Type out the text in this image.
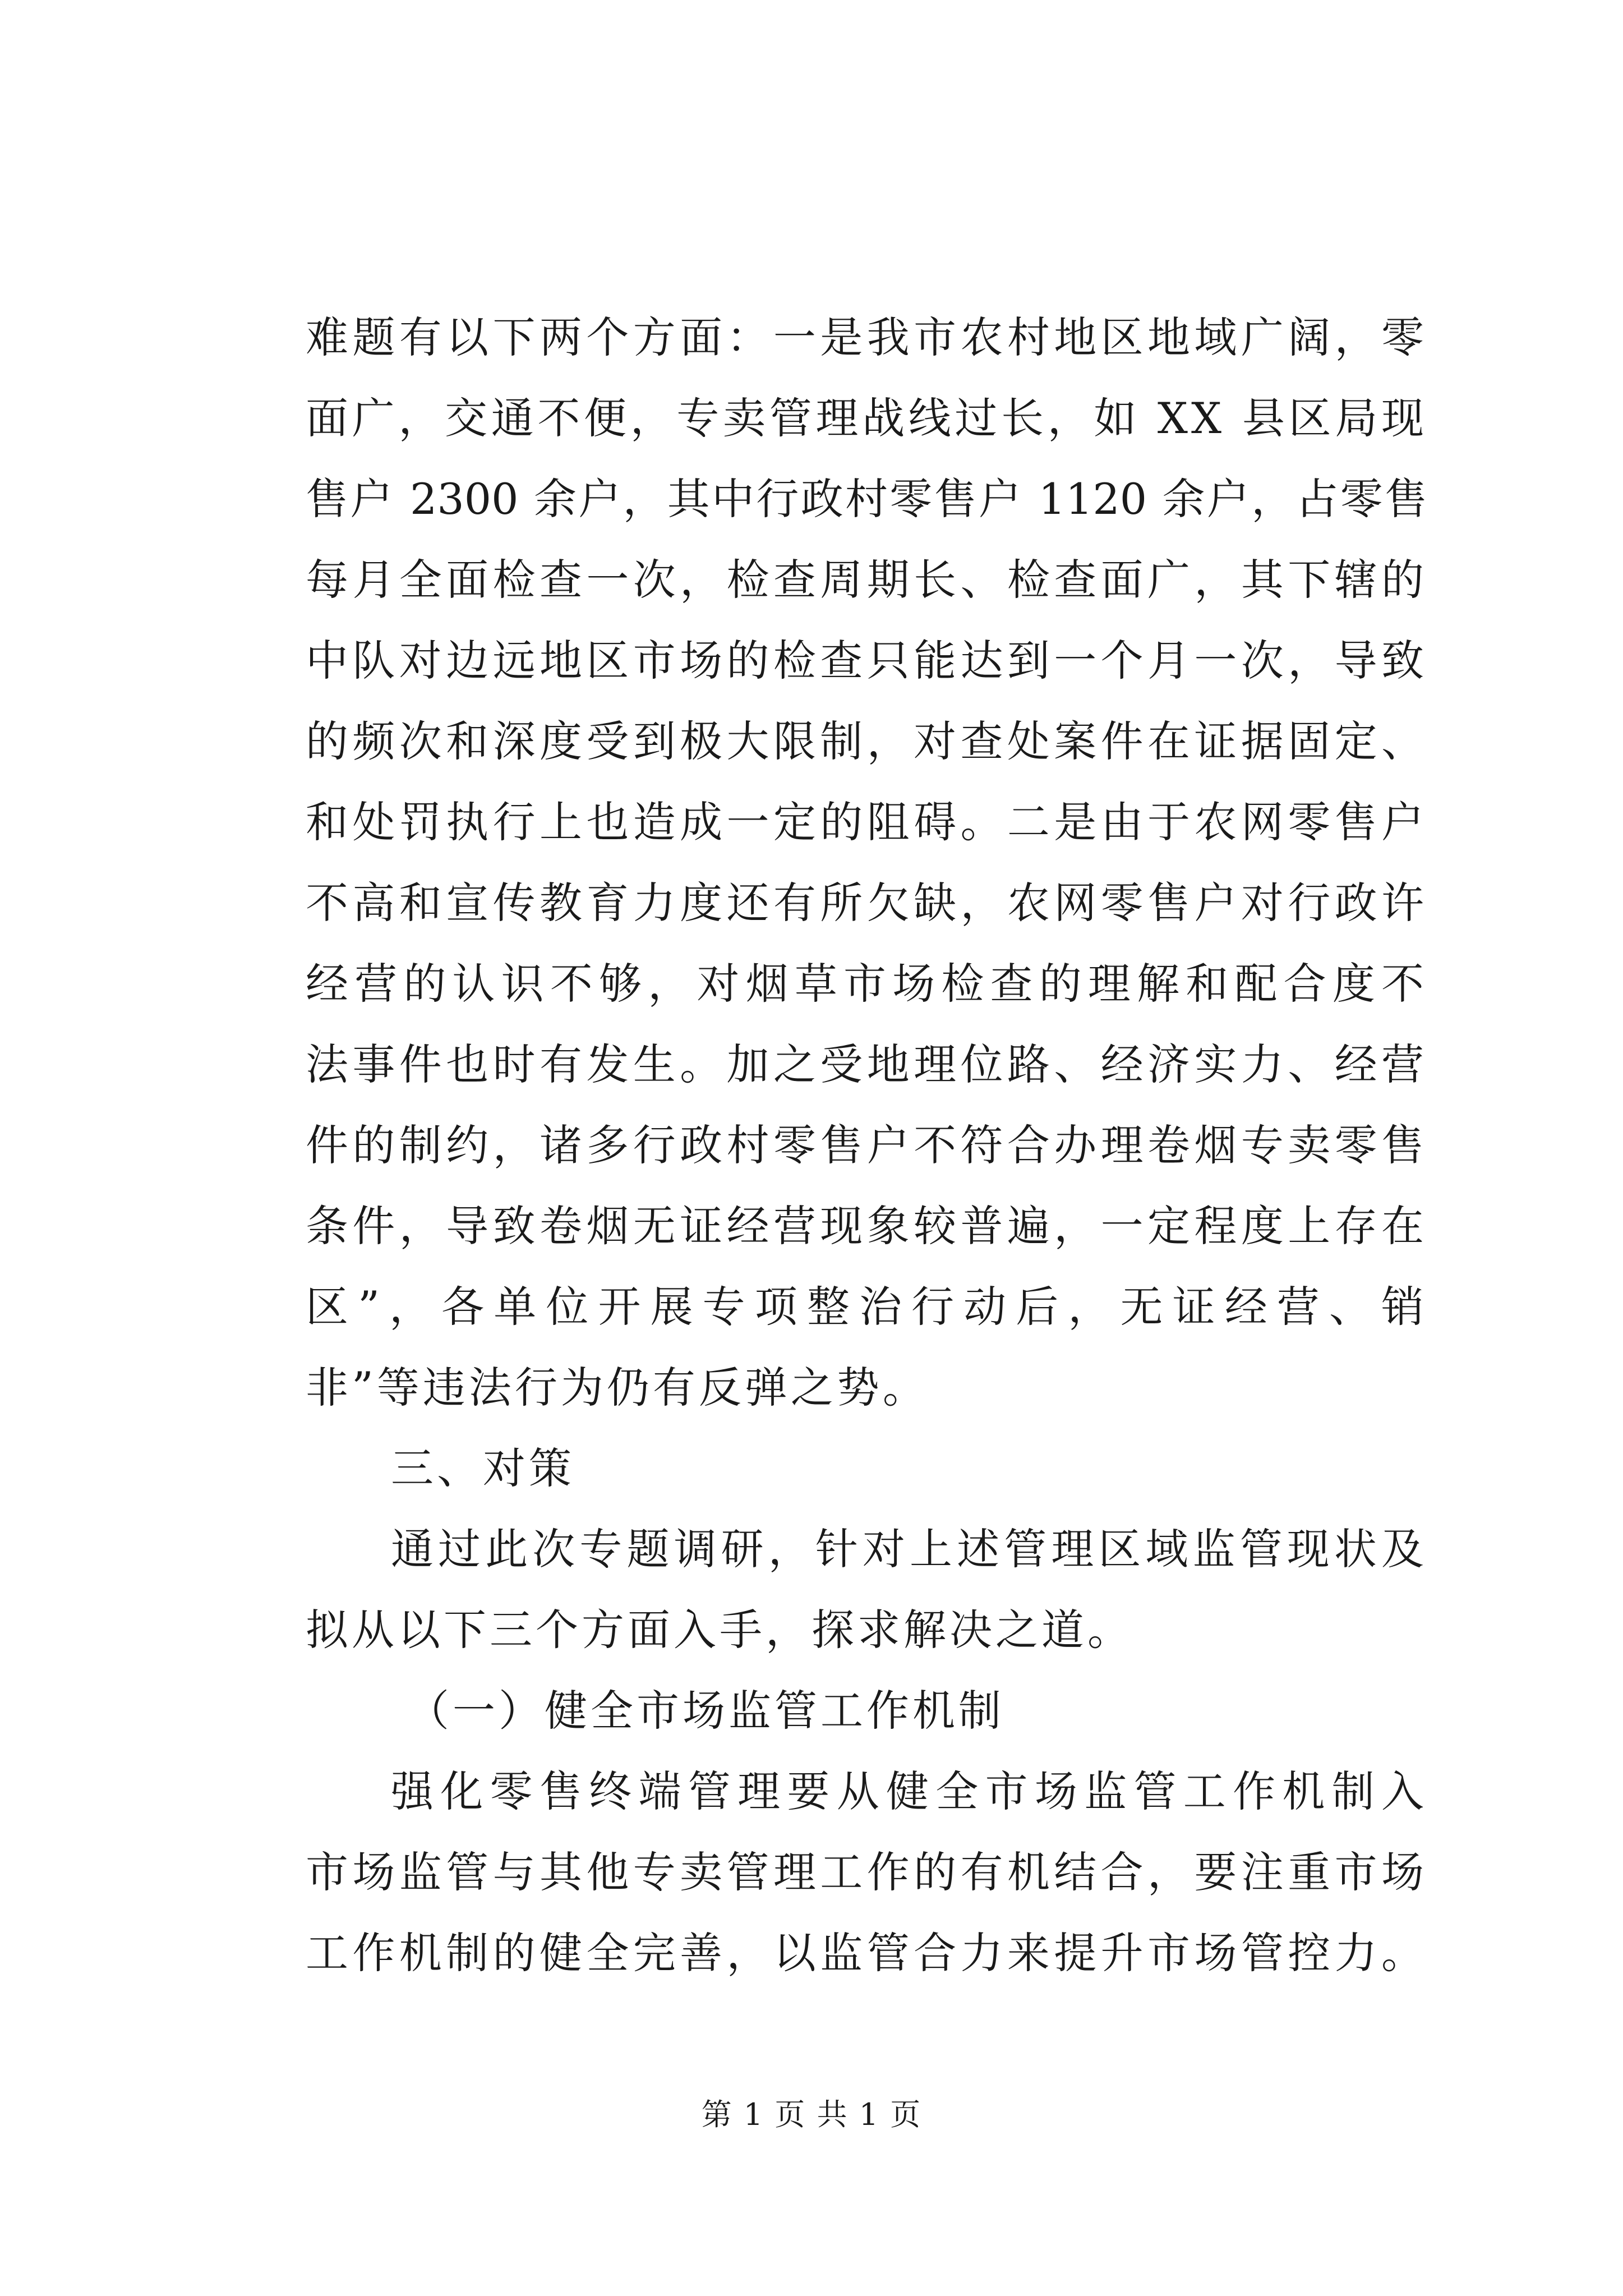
难题有以下两个方面：一是我市农村地区地域广阔，零
面广，交通不便，专卖管理战线过长，如 XX 县区局现
售户 2300 余户，其中行政村零售户 1120 余户，占零售
每月全面检查一次，检查周期长、检查面广，其下辖的
中队对边远地区市场的检查只能达到一个月一次，导致
的频次和深度受到极大限制，对查处案件在证据固定、
和处罚执行上也造成一定的阻碍。二是由于农网零售户
不高和宣传教育力度还有所欠缺，农网零售户对行政许
经营的认识不够，对烟草市场检查的理解和配合度不
法事件也时有发生。加之受地理位路、经济实力、经营
件的制约，诸多行政村零售户不符合办理卷烟专卖零售
条件，导致卷烟无证经营现象较普遍，一定程度上存在
区”，各单位开展专项整治行动后，无证经营、销
非”等违法行为仍有反弹之势。
三、对策
通过此次专题调研，针对上述管理区域监管现状及
拟从以下三个方面入手，探求解决之道。
（一）健全市场监管工作机制
强化零售终端管理要从健全市场监管工作机制入
市场监管与其他专卖管理工作的有机结合，要注重市场
工作机制的健全完善，以监管合力来提升市场管控力。
第 1 页 共 1 页
